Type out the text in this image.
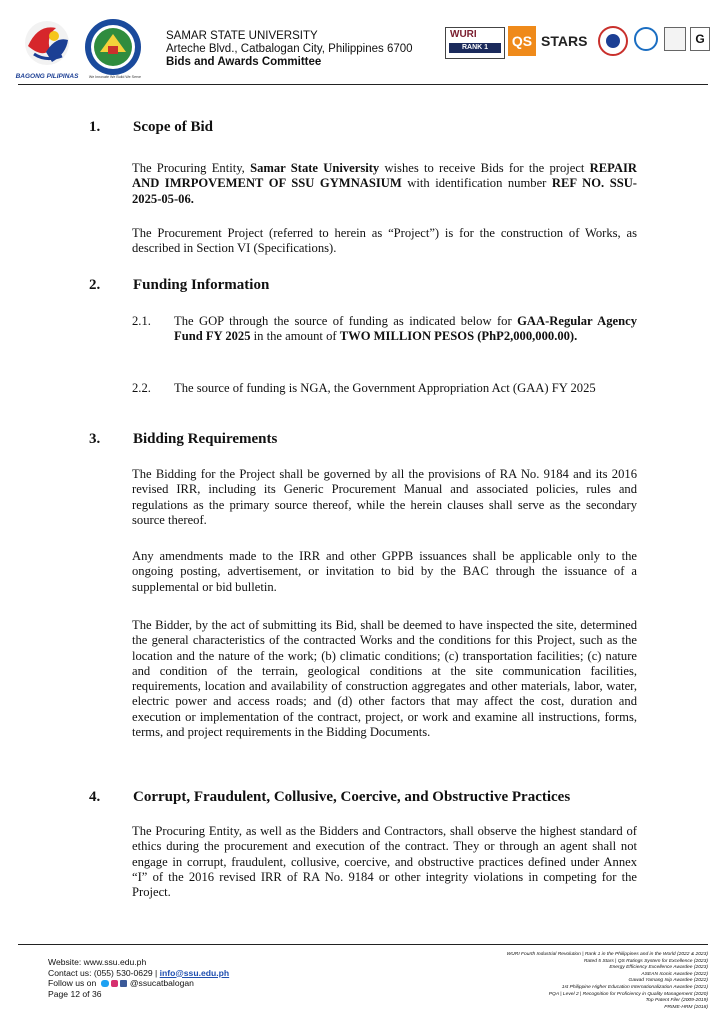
BAGONG PILIPINAS	We Innovate We Build We Serve
SAMAR STATE UNIVERSITY
Arteche Blvd., Catbalogan City, Philippines 6700
Bids and Awards Committee
WURI
RANK 1	QS STARS	G
1. Scope of Bid
The Procuring Entity, Samar State University wishes to receive Bids for the project REPAIR AND IMRPOVEMENT OF SSU GYMNASIUM with identification number REF NO. SSU-2025-05-06.
The Procurement Project (referred to herein as “Project”) is for the construction of Works, as described in Section VI (Specifications).
2. Funding Information
2.1. The GOP through the source of funding as indicated below for GAA-Regular Agency Fund FY 2025 in the amount of TWO MILLION PESOS (PhP2,000,000.00).
2.2. The source of funding is NGA, the Government Appropriation Act (GAA) FY 2025
3. Bidding Requirements
The Bidding for the Project shall be governed by all the provisions of RA No. 9184 and its 2016 revised IRR, including its Generic Procurement Manual and associated policies, rules and regulations as the primary source thereof, while the herein clauses shall serve as the secondary source thereof.
Any amendments made to the IRR and other GPPB issuances shall be applicable only to the ongoing posting, advertisement, or invitation to bid by the BAC through the issuance of a supplemental or bid bulletin.
The Bidder, by the act of submitting its Bid, shall be deemed to have inspected the site, determined the general characteristics of the contracted Works and the conditions for this Project, such as the location and the nature of the work; (b) climatic conditions; (c) transportation facilities; (c) nature and condition of the terrain, geological conditions at the site communication facilities, requirements, location and availability of construction aggregates and other materials, labor, water, electric power and access roads; and (d) other factors that may affect the cost, duration and execution or implementation of the contract, project, or work and examine all instructions, forms, terms, and project requirements in the Bidding Documents.
4. Corrupt, Fraudulent, Collusive, Coercive, and Obstructive Practices
The Procuring Entity, as well as the Bidders and Contractors, shall observe the highest standard of ethics during the procurement and execution of the contract. They or through an agent shall not engage in corrupt, fraudulent, collusive, coercive, and obstructive practices defined under Annex “I” of the 2016 revised IRR of RA No. 9184 or other integrity violations in competing for the Project.
Website: www.ssu.edu.ph
Contact us: (055) 530-0629 | info@ssu.edu.ph
Follow us on	@ssucatbalogan
Page 12 of 36
WURI Fourth Industrial Revolution | Rank 1 in the Philippines and in the World (2022 & 2023)
Rated 5 Stars | QS Ratings System for Excellence (2023)
Energy Efficiency Excellence Awardee (2023)
ASEAN Iconic Awardee (2022)
Gawad Yamang Isip Awardee (2022)
1st Philippine Higher Education Internationalization Awardee (2021)
PQA | Level 2 | Recognition for Proficiency in Quality Management (2020)
Top Patent Filer (2009-2019)
PRIME-HRM (2018)
